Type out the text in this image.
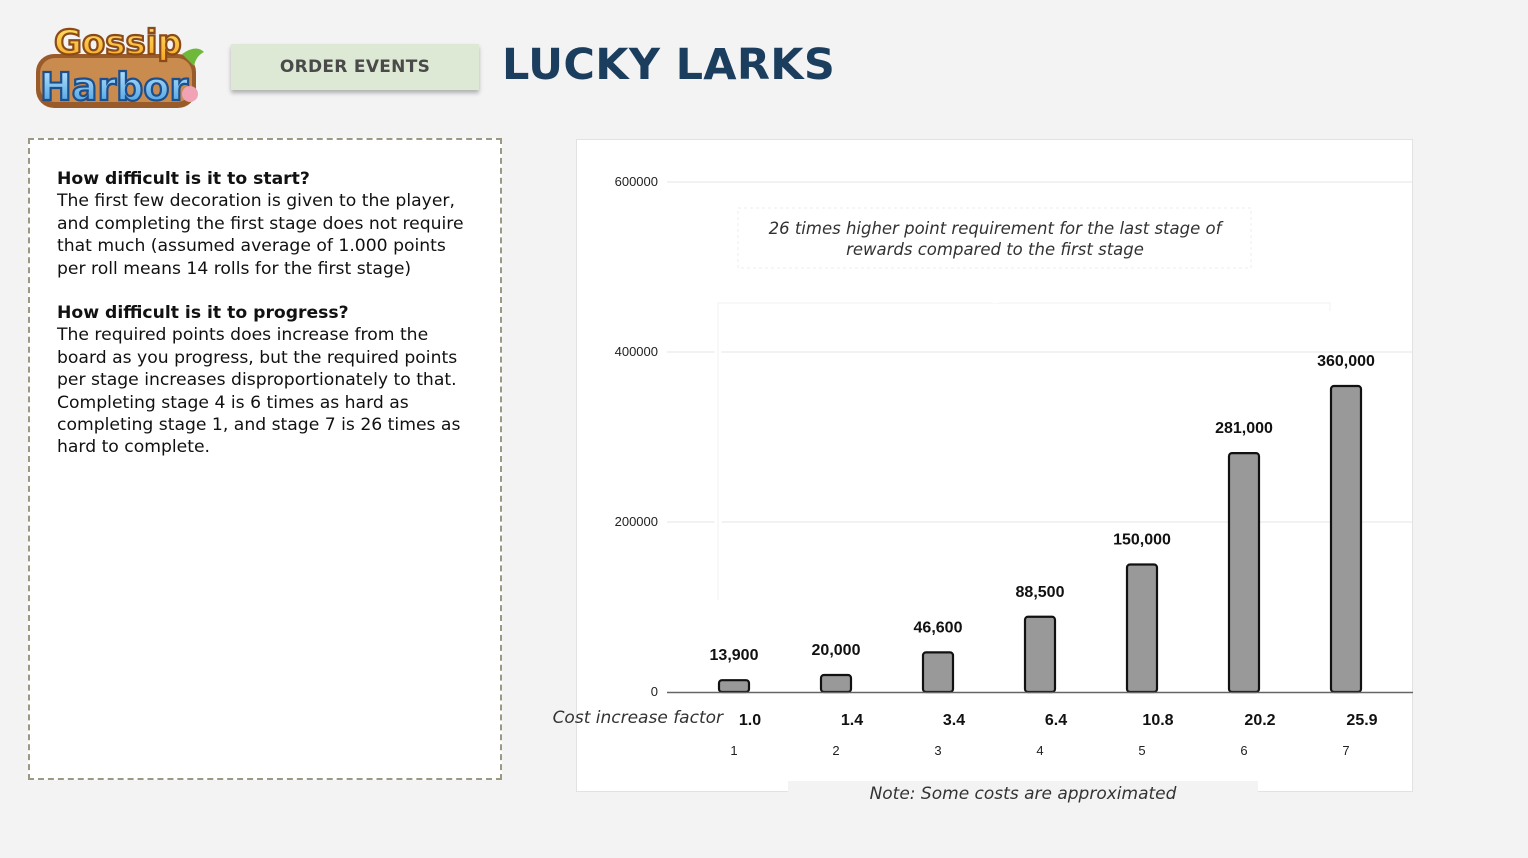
Gossip
Harbor	ORDER EVENTS	LUCKY LARKS
How difficult is it to start?
The first few decoration is given to the player, and completing the first stage does not require that much (assumed average of 1.000 points per roll means 14 rolls for the first stage)
How difficult is it to progress?
The required points does increase from the board as you progress, but the required points per stage increases disproportionately to that. Completing stage 4 is 6 times as hard as completing stage 1, and stage 7 is 26 times as hard to complete.
0
200000
400000
600000
13,900	20,000
46,600
88,500
150,000
281,000
360,000
Cost increase factor 1.0	1.4	3.4	6.4	10.8	20.2	25.9
1	2	3	4	5	6	7
26 times higher point requirement for the last stage of
rewards compared to the first stage
Note: Some costs are approximated
